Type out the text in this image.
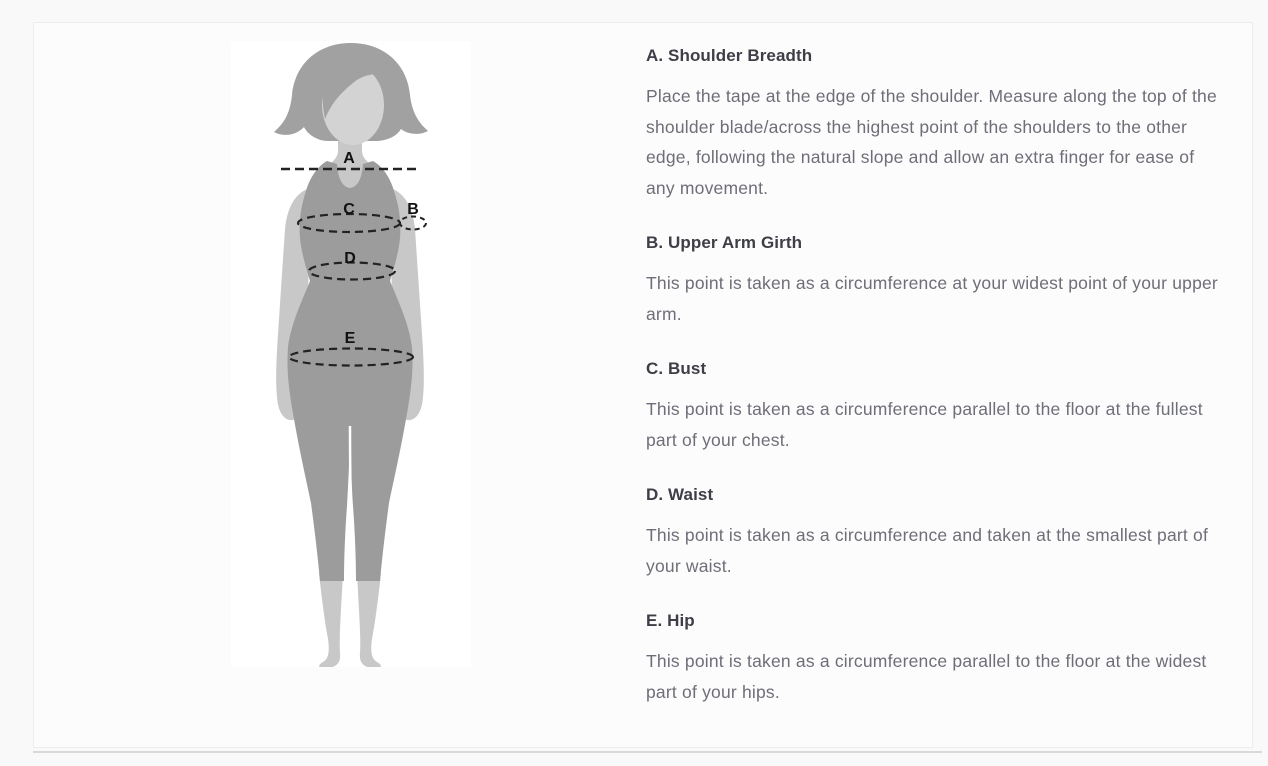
A
B
C
D
E
A. Shoulder Breadth

Place the tape at the edge of the shoulder. Measure along the top of the shoulder blade/across the highest point of the shoulders to the other edge, following the natural slope and allow an extra finger for ease of any movement.

B. Upper Arm Girth

This point is taken as a circumference at your widest point of your upper arm.

C. Bust

This point is taken as a circumference parallel to the floor at the fullest part of your chest.

D. Waist

This point is taken as a circumference and taken at the smallest part of your waist.

E. Hip

This point is taken as a circumference parallel to the floor at the widest part of your hips.
